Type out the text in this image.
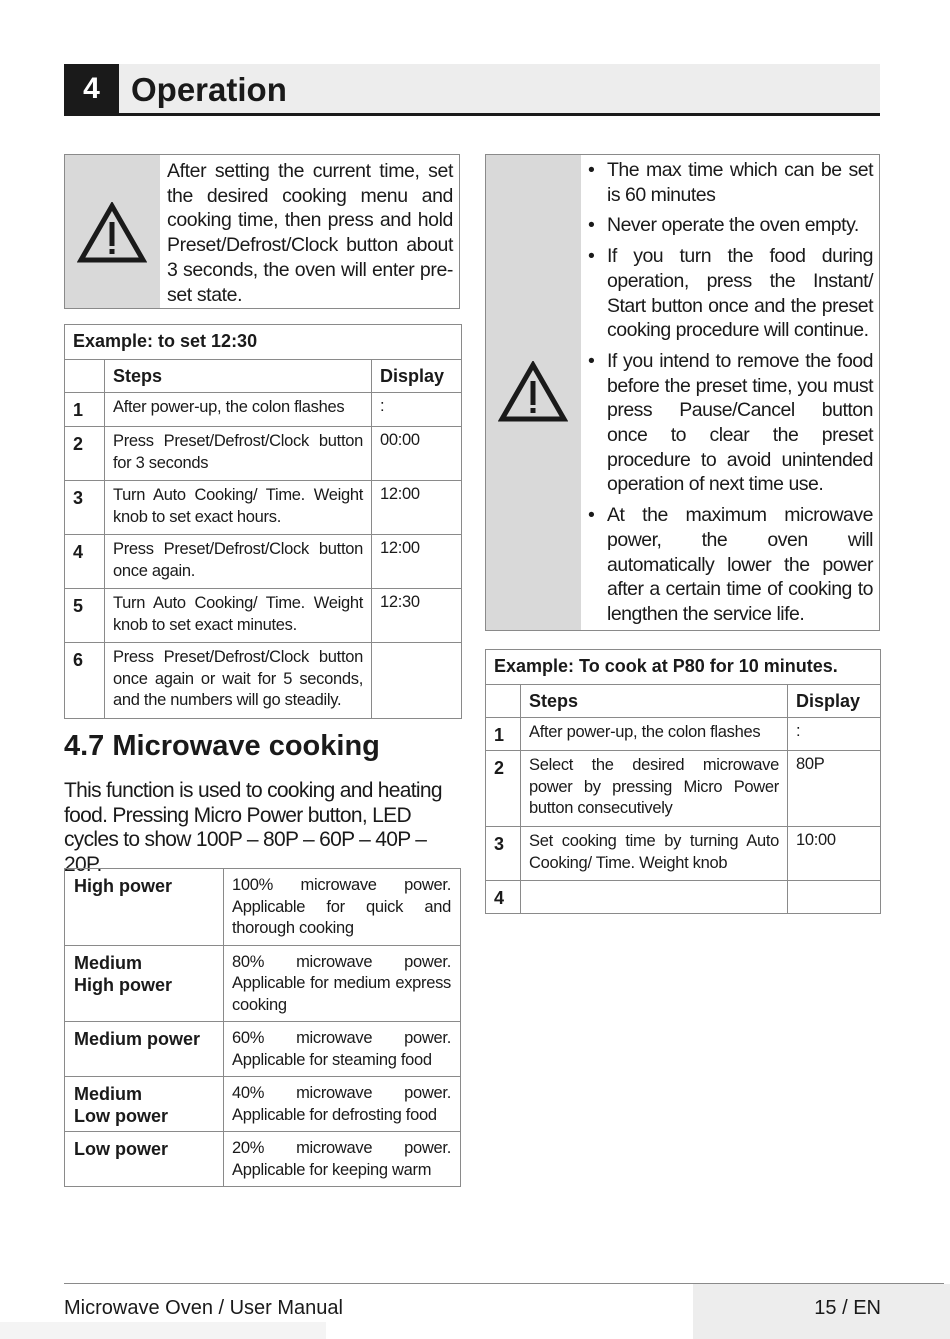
4 Operation
After setting the current time, set the desired cooking menu and cooking time, then press and hold Preset/Defrost/Clock button about 3 seconds, the oven will enter pre-set state.
Example: to set 12:30		
	Steps	Display
1	After power-up, the colon flashes	:
2	Press Preset/Defrost/Clock button for 3 seconds	00:00
3	Turn Auto Cooking/ Time. Weight knob to set exact hours.	12:00
4	Press Preset/Defrost/Clock button once again.	12:00
5	Turn Auto Cooking/ Time. Weight knob to set exact minutes.	12:30
6	Press Preset/Defrost/Clock button once again or wait for 5 seconds, and the numbers will go steadily.	
4.7 Microwave cooking
This function is used to cooking and heating food. Pressing Micro Power button, LED cycles to show 100P – 80P – 60P – 40P – 20P.
High power	100% microwave power. Applicable for quick and thorough cooking
Medium
High power	80% microwave power. Applicable for medium express cooking
Medium power	60% microwave power. Applicable for steaming food
Medium
Low power	40% microwave power. Applicable for defrosting food
Low power	20% microwave power. Applicable for keeping warm
• The max time which can be set is 60 minutes
• Never operate the oven empty.
• If you turn the food during operation, press the Instant/ Start button once and the preset cooking procedure will continue.
• If you intend to remove the food before the preset time, you must press Pause/Cancel button once to clear the preset procedure to avoid unintended operation of next time use.
• At the maximum microwave power, the oven will automatically lower the power after a certain time of cooking to lengthen the service life.
Example: To cook at P80 for 10 minutes.		
	Steps	Display
1	After power-up, the colon flashes	:
2	Select the desired microwave power by pressing Micro Power button consecutively	80P
3	Set cooking time by turning Auto Cooking/ Time. Weight knob	10:00
4		
Microwave Oven / User Manual	15 / EN
